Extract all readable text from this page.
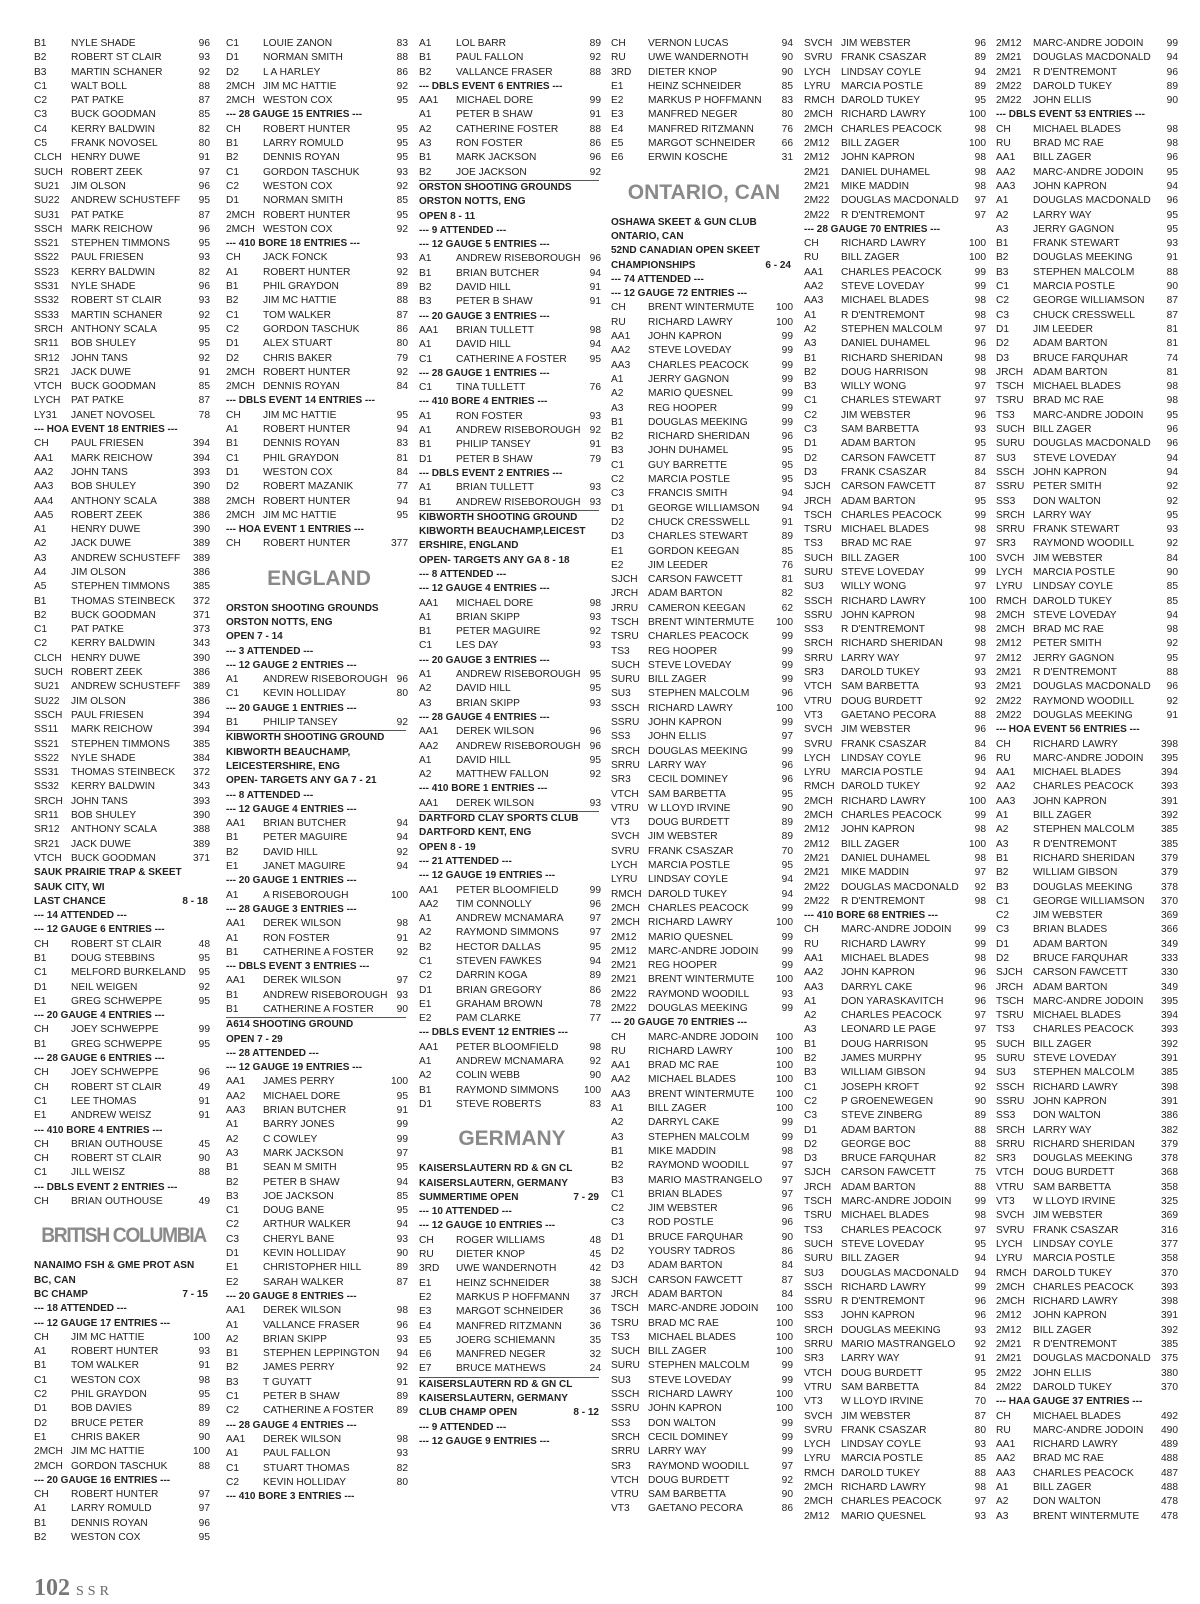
B1 NYLE SHADE	96
B2 ROBERT ST CLAIR	93
B3 MARTIN SCHANER	92
C1 WALT BOLL	88
C2 PAT PATKE	87
C3 BUCK GOODMAN	85
C4 KERRY BALDWIN	82
C5 FRANK NOVOSEL	80
CLCH HENRY DUWE	91
SUCH ROBERT ZEEK	97
SU21 JIM OLSON	96
SU22 ANDREW SCHUSTEFF 95
SU31 PAT PATKE	87
SSCH MARK REICHOW	96
SS21 STEPHEN TIMMONS	95
SS22 PAUL FRIESEN	93
SS23 KERRY BALDWIN	82
SS31 NYLE SHADE	96
SS32 ROBERT ST CLAIR	93
SS33 MARTIN SCHANER	92
SRCH ANTHONY SCALA	95
SR11 BOB SHULEY	95
SR12 JOHN TANS	92
SR21 JACK DUWE	91
VTCH BUCK GOODMAN	85
LYCH PAT PATKE	87
LY31 JANET NOVOSEL	78
--- HOA EVENT 18 ENTRIES ---
CH PAUL FRIESEN	394
AA1 MARK REICHOW	394
AA2 JOHN TANS	393
AA3 BOB SHULEY	390
AA4 ANTHONY SCALA	388
AA5 ROBERT ZEEK	386
A1 HENRY DUWE	390
A2 JACK DUWE	389
A3 ANDREW SCHUSTEFF 389
A4 JIM OLSON	386
A5 STEPHEN TIMMONS 385
B1 THOMAS STEINBECK 372
B2 BUCK GOODMAN	371
C1 PAT PATKE	373
C2 KERRY BALDWIN	343
CLCH HENRY DUWE	390
SUCH ROBERT ZEEK	386
SU21 ANDREW SCHUSTEFF 389
SU22 JIM OLSON	386
SSCH PAUL FRIESEN	394
SS11 MARK REICHOW	394
SS21 STEPHEN TIMMONS 385
SS22 NYLE SHADE	384
SS31 THOMAS STEINBECK 372
SS32 KERRY BALDWIN	343
SRCH JOHN TANS	393
SR11 BOB SHULEY	390
SR12 ANTHONY SCALA	388
SR21 JACK DUWE	389
VTCH BUCK GOODMAN	371
SAUK PRAIRIE TRAP & SKEET
SAUK CITY, WI
LAST CHANCE	8 - 18
--- 14 ATTENDED ---
--- 12 GAUGE 6 ENTRIES ---
CH ROBERT ST CLAIR	48
B1 DOUG STEBBINS	95
C1 MELFORD BURKELAND 95
D1 NEIL WEIGEN	92
E1 GREG SCHWEPPE	95
--- 20 GAUGE 4 ENTRIES ---
CH JOEY SCHWEPPE	99
B1 GREG SCHWEPPE	95
--- 28 GAUGE 6 ENTRIES ---
CH JOEY SCHWEPPE	96
CH ROBERT ST CLAIR	49
C1 LEE THOMAS	91
E1 ANDREW WEISZ	91
--- 410 BORE 4 ENTRIES ---
CH BRIAN OUTHOUSE	45
CH ROBERT ST CLAIR	90
C1 JILL WEISZ	88
--- DBLS EVENT 2 ENTRIES ---
CH BRIAN OUTHOUSE	49
BRITISH COLUMBIA
NANAIMO FSH & GME PROT ASN
BC, CAN
BC CHAMP	7 - 15
--- 18 ATTENDED ---
--- 12 GAUGE 17 ENTRIES ---
CH JIM MC HATTIE	100
A1 ROBERT HUNTER	93
B1 TOM WALKER	91
C1 WESTON COX	98
C2 PHIL GRAYDON	95
D1 BOB DAVIES	89
D2 BRUCE PETER	89
E1 CHRIS BAKER	90
2MCH JIM MC HATTIE	100
2MCH GORDON TASCHUK	88
--- 20 GAUGE 16 ENTRIES ---
CH ROBERT HUNTER	97
A1 LARRY ROMULD	97
B1 DENNIS ROYAN	96
B2 WESTON COX	95
C1 LOUIE ZANON	83
D1 NORMAN SMITH	88
D2 L A HARLEY	86
2MCH JIM MC HATTIE	92
2MCH WESTON COX	95
--- 28 GAUGE 15 ENTRIES ---
CH ROBERT HUNTER	95
B1 LARRY ROMULD	95
B2 DENNIS ROYAN	95
C1 GORDON TASCHUK	93
C2 WESTON COX	92
D1 NORMAN SMITH	85
2MCH ROBERT HUNTER	95
2MCH WESTON COX	92
--- 410 BORE 18 ENTRIES ---
CH JACK FONCK	93
A1 ROBERT HUNTER	92
B1 PHIL GRAYDON	89
B2 JIM MC HATTIE	88
C1 TOM WALKER	87
C2 GORDON TASCHUK	86
D1 ALEX STUART	80
D2 CHRIS BAKER	79
2MCH ROBERT HUNTER	92
2MCH DENNIS ROYAN	84
--- DBLS EVENT 14 ENTRIES ---
CH JIM MC HATTIE	95
A1 ROBERT HUNTER	94
B1 DENNIS ROYAN	83
C1 PHIL GRAYDON	81
D1 WESTON COX	84
D2 ROBERT MAZANIK	77
2MCH ROBERT HUNTER	94
2MCH JIM MC HATTIE	95
--- HOA EVENT 1 ENTRIES ---
CH ROBERT HUNTER	377
ENGLAND
ORSTON SHOOTING GROUNDS
ORSTON NOTTS, ENG
OPEN 7 - 14
--- 3 ATTENDED ---
--- 12 GAUGE 2 ENTRIES ---
A1 ANDREW RISEBOROUGH 96
C1 KEVIN HOLLIDAY	80
--- 20 GAUGE 1 ENTRIES ---
B1 PHILIP TANSEY	92
KIBWORTH SHOOTING GROUND
KIBWORTH BEAUCHAMP,
LEICESTERSHIRE, ENG
OPEN- TARGETS ANY GA 7 - 21
--- 8 ATTENDED ---
--- 12 GAUGE 4 ENTRIES ---
AA1 BRIAN BUTCHER	94
B1 PETER MAGUIRE	94
B2 DAVID HILL	92
E1 JANET MAGUIRE	94
--- 20 GAUGE 1 ENTRIES ---
A1 A RISEBOROUGH	100
--- 28 GAUGE 3 ENTRIES ---
AA1 DEREK WILSON	98
A1 RON FOSTER	91
B1 CATHERINE A FOSTER 92
--- DBLS EVENT 3 ENTRIES ---
AA1 DEREK WILSON	97
B1 ANDREW RISEBOROUGH 93
B1 CATHERINE A FOSTER 90
A614 SHOOTING GROUND
OPEN 7 - 29
--- 28 ATTENDED ---
--- 12 GAUGE 19 ENTRIES ---
AA1 JAMES PERRY	100
AA2 MICHAEL DORE	95
AA3 BRIAN BUTCHER	91
A1 BARRY JONES	99
A2 C COWLEY	99
A3 MARK JACKSON	97
B1 SEAN M SMITH	95
B2 PETER B SHAW	94
B3 JOE JACKSON	85
C1 DOUG BANE	95
C2 ARTHUR WALKER	94
C3 CHERYL BANE	93
D1 KEVIN HOLLIDAY	90
E1 CHRISTOPHER HILL	89
E2 SARAH WALKER	87
--- 20 GAUGE 8 ENTRIES ---
AA1 DEREK WILSON	98
A1 VALLANCE FRASER	96
A2 BRIAN SKIPP	93
B1 STEPHEN LEPPINGTON 94
B2 JAMES PERRY	92
B3 T GUYATT	91
C1 PETER B SHAW	89
C2 CATHERINE A FOSTER 89
--- 28 GAUGE 4 ENTRIES ---
AA1 DEREK WILSON	98
A1 PAUL FALLON	93
C1 STUART THOMAS	82
C2 KEVIN HOLLIDAY	80
--- 410 BORE 3 ENTRIES ---
A1 LOL BARR	89
B1 PAUL FALLON	92
B2 VALLANCE FRASER	88
--- DBLS EVENT 6 ENTRIES ---
AA1 MICHAEL DORE	99
A1 PETER B SHAW	91
A2 CATHERINE FOSTER	88
A3 RON FOSTER	86
B1 MARK JACKSON	96
B2 JOE JACKSON	92
ORSTON SHOOTING GROUNDS
ORSTON NOTTS, ENG
OPEN 8 - 11
--- 9 ATTENDED ---
--- 12 GAUGE 5 ENTRIES ---
A1 ANDREW RISEBOROUGH 96
B1 BRIAN BUTCHER	94
B2 DAVID HILL	91
B3 PETER B SHAW	91
--- 20 GAUGE 3 ENTRIES ---
AA1 BRIAN TULLETT	98
A1 DAVID HILL	94
C1 CATHERINE A FOSTER 95
--- 28 GAUGE 1 ENTRIES ---
C1 TINA TULLETT	76
--- 410 BORE 4 ENTRIES ---
A1 RON FOSTER	93
A1 ANDREW RISEBOROUGH 92
B1 PHILIP TANSEY	91
D1 PETER B SHAW	79
--- DBLS EVENT 2 ENTRIES ---
A1 BRIAN TULLETT	93
B1 ANDREW RISEBOROUGH 93
KIBWORTH SHOOTING GROUND
KIBWORTH BEAUCHAMP,LEICEST
ERSHIRE, ENGLAND
OPEN- TARGETS ANY GA 8 - 18
--- 8 ATTENDED ---
--- 12 GAUGE 4 ENTRIES ---
AA1 MICHAEL DORE	98
A1 BRIAN SKIPP	93
B1 PETER MAGUIRE	92
C1 LES DAY	93
--- 20 GAUGE 3 ENTRIES ---
A1 ANDREW RISEBOROUGH 95
A2 DAVID HILL	95
A3 BRIAN SKIPP	93
--- 28 GAUGE 4 ENTRIES ---
AA1 DEREK WILSON	96
AA2 ANDREW RISEBOROUGH 96
A1 DAVID HILL	95
A2 MATTHEW FALLON	92
--- 410 BORE 1 ENTRIES ---
AA1 DEREK WILSON	93
DARTFORD CLAY SPORTS CLUB
DARTFORD KENT, ENG
OPEN 8 - 19
--- 21 ATTENDED ---
--- 12 GAUGE 19 ENTRIES ---
AA1 PETER BLOOMFIELD	99
AA2 TIM CONNOLLY	96
A1 ANDREW MCNAMARA	97
A2 RAYMOND SIMMONS	97
B2 HECTOR DALLAS	95
C1 STEVEN FAWKES	94
C2 DARRIN KOGA	89
D1 BRIAN GREGORY	86
E1 GRAHAM BROWN	78
E2 PAM CLARKE	77
--- DBLS EVENT 12 ENTRIES ---
AA1 PETER BLOOMFIELD	98
A1 ANDREW MCNAMARA	92
A2 COLIN WEBB	90
B1 RAYMOND SIMMONS 100
D1 STEVE ROBERTS	83
GERMANY
KAISERSLAUTERN RD & GN CL
KAISERSLAUTERN, GERMANY
SUMMERTIME OPEN	7 - 29
--- 10 ATTENDED ---
--- 12 GAUGE 10 ENTRIES ---
CH ROGER WILLIAMS	48
RU DIETER KNOP	45
3RD UWE WANDERNOTH	42
E1 HEINZ SCHNEIDER	38
E2 MARKUS P HOFFMANN 37
E3 MARGOT SCHNEIDER	36
E4 MANFRED RITZMANN	36
E5 JOERG SCHIEMANN	35
E6 MANFRED NEGER	32
E7 BRUCE MATHEWS	24
KAISERSLAUTERN RD & GN CL
KAISERSLAUTERN, GERMANY
CLUB CHAMP OPEN	8 - 12
--- 9 ATTENDED ---
--- 12 GAUGE 9 ENTRIES ---
CH VERNON LUCAS	94
RU UWE WANDERNOTH	90
3RD DIETER KNOP	90
E1 HEINZ SCHNEIDER	85
E2 MARKUS P HOFFMANN 83
E3 MANFRED NEGER	80
E4 MANFRED RITZMANN	76
E5 MARGOT SCHNEIDER	66
E6 ERWIN KOSCHE	31
ONTARIO, CAN
OSHAWA SKEET & GUN CLUB
ONTARIO, CAN
52ND CANADIAN OPEN SKEET
CHAMPIONSHIPS	6 - 24
--- 74 ATTENDED ---
--- 12 GAUGE 72 ENTRIES ---
CH BRENT WINTERMUTE 100
RU RICHARD LAWRY	100
AA1 JOHN KAPRON	99
AA2 STEVE LOVEDAY	99
AA3 CHARLES PEACOCK	99
A1 JERRY GAGNON	99
A2 MARIO QUESNEL	99
A3 REG HOOPER	99
B1 DOUGLAS MEEKING	99
B2 RICHARD SHERIDAN	96
B3 JOHN DUHAMEL	95
C1 GUY BARRETTE	95
C2 MARCIA POSTLE	95
C3 FRANCIS SMITH	94
D1 GEORGE WILLIAMSON 94
D2 CHUCK CRESSWELL	91
D3 CHARLES STEWART	89
E1 GORDON KEEGAN	85
E2 JIM LEEDER	76
SJCH CARSON FAWCETT	81
JRCH ADAM BARTON	82
JRRU CAMERON KEEGAN	62
TSCH BRENT WINTERMUTE 100
TSRU CHARLES PEACOCK	99
TS3 REG HOOPER	99
SUCH STEVE LOVEDAY	99
SURU BILL ZAGER	99
SU3 STEPHEN MALCOLM	96
SSCH RICHARD LAWRY	100
SSRU JOHN KAPRON	99
SS3 JOHN ELLIS	97
SRCH DOUGLAS MEEKING	99
SRRU LARRY WAY	96
SR3 CECIL DOMINEY	96
VTCH SAM BARBETTA	95
VTRU W LLOYD IRVINE	90
VT3 DOUG BURDETT	89
SVCH JIM WEBSTER	89
SVRU FRANK CSASZAR	70
LYCH MARCIA POSTLE	95
LYRU LINDSAY COYLE	94
RMCH DAROLD TUKEY	94
2MCH CHARLES PEACOCK	99
2MCH RICHARD LAWRY	100
2M12 MARIO QUESNEL	99
2M12 MARC-ANDRE JODOIN 99
2M21 REG HOOPER	99
2M21 BRENT WINTERMUTE 100
2M22 RAYMOND WOODILL	93
2M22 DOUGLAS MEEKING	99
--- 20 GAUGE 70 ENTRIES ---
CH MARC-ANDRE JODOIN 100
RU RICHARD LAWRY	100
AA1 BRAD MC RAE	100
AA2 MICHAEL BLADES	100
AA3 BRENT WINTERMUTE 100
A1 BILL ZAGER	100
A2 DARRYL CAKE	99
A3 STEPHEN MALCOLM	99
B1 MIKE MADDIN	98
B2 RAYMOND WOODILL	97
B3 MARIO MASTRANGELO 97
C1 BRIAN BLADES	97
C2 JIM WEBSTER	96
C3 ROD POSTLE	96
D1 BRUCE FARQUHAR	90
D2 YOUSRY TADROS	86
D3 ADAM BARTON	84
SJCH CARSON FAWCETT	87
JRCH ADAM BARTON	84
TSCH MARC-ANDRE JODOIN 100
TSRU BRAD MC RAE	100
TS3 MICHAEL BLADES	100
SUCH BILL ZAGER	100
SURU STEPHEN MALCOLM	99
SU3 STEVE LOVEDAY	99
SSCH RICHARD LAWRY	100
SSRU JOHN KAPRON	100
SS3 DON WALTON	99
SRCH CECIL DOMINEY	99
SRRU LARRY WAY	99
SR3 RAYMOND WOODILL	97
VTCH DOUG BURDETT	92
VTRU SAM BARBETTA	90
VT3 GAETANO PECORA	86
SVCH JIM WEBSTER	96
SVRU FRANK CSASZAR	89
LYCH LINDSAY COYLE	94
LYRU MARCIA POSTLE	89
RMCH DAROLD TUKEY	95
2MCH RICHARD LAWRY	100
2MCH CHARLES PEACOCK	98
2M12 BILL ZAGER	100
2M12 JOHN KAPRON	98
2M21 DANIEL DUHAMEL	98
2M21 MIKE MADDIN	98
2M22 DOUGLAS MACDONALD 97
2M22 R D'ENTREMONT	97
--- 28 GAUGE 70 ENTRIES ---
CH RICHARD LAWRY	100
RU BILL ZAGER	100
AA1 CHARLES PEACOCK	99
AA2 STEVE LOVEDAY	99
AA3 MICHAEL BLADES	98
A1 R D'ENTREMONT	98
A2 STEPHEN MALCOLM	97
A3 DANIEL DUHAMEL	96
B1 RICHARD SHERIDAN	98
B2 DOUG HARRISON	98
B3 WILLY WONG	97
C1 CHARLES STEWART	97
C2 JIM WEBSTER	96
C3 SAM BARBETTA	93
D1 ADAM BARTON	95
D2 CARSON FAWCETT	87
D3 FRANK CSASZAR	84
SJCH CARSON FAWCETT	87
JRCH ADAM BARTON	95
TSCH CHARLES PEACOCK	99
TSRU MICHAEL BLADES	98
TS3 BRAD MC RAE	97
SUCH BILL ZAGER	100
SURU STEVE LOVEDAY	99
SU3 WILLY WONG	97
SSCH RICHARD LAWRY	100
SSRU JOHN KAPRON	98
SS3 R D'ENTREMONT	98
SRCH RICHARD SHERIDAN	98
SRRU LARRY WAY	97
SR3 DAROLD TUKEY	93
VTCH SAM BARBETTA	93
VTRU DOUG BURDETT	92
VT3 GAETANO PECORA	88
SVCH JIM WEBSTER	96
SVRU FRANK CSASZAR	84
LYCH LINDSAY COYLE	96
LYRU MARCIA POSTLE	94
RMCH DAROLD TUKEY	92
2MCH RICHARD LAWRY	100
2MCH CHARLES PEACOCK	99
2M12 JOHN KAPRON	98
2M12 BILL ZAGER	100
2M21 DANIEL DUHAMEL	98
2M21 MIKE MADDIN	97
2M22 DOUGLAS MACDONALD 92
2M22 R D'ENTREMONT	98
--- 410 BORE 68 ENTRIES ---
CH MARC-ANDRE JODOIN 99
RU RICHARD LAWRY	99
AA1 MICHAEL BLADES	98
AA2 JOHN KAPRON	96
AA3 DARRYL CAKE	96
A1 DON YARASKAVITCH	96
A2 CHARLES PEACOCK	97
A3 LEONARD LE PAGE	97
B1 DOUG HARRISON	95
B2 JAMES MURPHY	95
B3 WILLIAM GIBSON	94
C1 JOSEPH KROFT	92
C2 P GROENEWEGEN	90
C3 STEVE ZINBERG	89
D1 ADAM BARTON	88
D2 GEORGE BOC	88
D3 BRUCE FARQUHAR	82
SJCH CARSON FAWCETT	75
JRCH ADAM BARTON	88
TSCH MARC-ANDRE JODOIN 99
TSRU MICHAEL BLADES	98
TS3 CHARLES PEACOCK	97
SUCH STEVE LOVEDAY	95
SURU BILL ZAGER	94
SU3 DOUGLAS MACDONALD 94
SSCH RICHARD LAWRY	99
SSRU R D'ENTREMONT	96
SS3 JOHN KAPRON	96
SRCH DOUGLAS MEEKING	93
SRRU MARIO MASTRANGELO 92
SR3 LARRY WAY	91
VTCH DOUG BURDETT	95
VTRU SAM BARBETTA	84
VT3 W LLOYD IRVINE	70
SVCH JIM WEBSTER	87
SVRU FRANK CSASZAR	80
LYCH LINDSAY COYLE	93
LYRU MARCIA POSTLE	85
RMCH DAROLD TUKEY	88
2MCH RICHARD LAWRY	98
2MCH CHARLES PEACOCK	97
2M12 MARIO QUESNEL	93
2M12 MARC-ANDRE JODOIN 99
2M21 DOUGLAS MACDONALD 94
2M21 R D'ENTREMONT	96
2M22 DAROLD TUKEY	89
2M22 JOHN ELLIS	90
--- DBLS EVENT 53 ENTRIES ---
CH MICHAEL BLADES	98
RU BRAD MC RAE	98
AA1 BILL ZAGER	96
AA2 MARC-ANDRE JODOIN 95
AA3 JOHN KAPRON	94
A1 DOUGLAS MACDONALD 96
A2 LARRY WAY	95
A3 JERRY GAGNON	95
B1 FRANK STEWART	93
B2 DOUGLAS MEEKING	91
B3 STEPHEN MALCOLM	88
C1 MARCIA POSTLE	90
C2 GEORGE WILLIAMSON 87
C3 CHUCK CRESSWELL	87
D1 JIM LEEDER	81
D2 ADAM BARTON	81
D3 BRUCE FARQUHAR	74
JRCH ADAM BARTON	81
TSCH MICHAEL BLADES	98
TSRU BRAD MC RAE	98
TS3 MARC-ANDRE JODOIN 95
SUCH BILL ZAGER	96
SURU DOUGLAS MACDONALD 96
SU3 STEVE LOVEDAY	94
SSCH JOHN KAPRON	94
SSRU PETER SMITH	92
SS3 DON WALTON	92
SRCH LARRY WAY	95
SRRU FRANK STEWART	93
SR3 RAYMOND WOODILL	92
SVCH JIM WEBSTER	84
LYCH MARCIA POSTLE	90
LYRU LINDSAY COYLE	85
RMCH DAROLD TUKEY	85
2MCH STEVE LOVEDAY	94
2MCH BRAD MC RAE	98
2M12 PETER SMITH	92
2M12 JERRY GAGNON	95
2M21 R D'ENTREMONT	88
2M21 DOUGLAS MACDONALD 96
2M22 RAYMOND WOODILL	92
2M22 DOUGLAS MEEKING	91
--- HOA EVENT 56 ENTRIES ---
CH RICHARD LAWRY	398
RU MARC-ANDRE JODOIN 395
AA1 MICHAEL BLADES	394
AA2 CHARLES PEACOCK	393
AA3 JOHN KAPRON	391
A1 BILL ZAGER	392
A2 STEPHEN MALCOLM	385
A3 R D'ENTREMONT	385
B1 RICHARD SHERIDAN	379
B2 WILLIAM GIBSON	379
B3 DOUGLAS MEEKING	378
C1 GEORGE WILLIAMSON 370
C2 JIM WEBSTER	369
C3 BRIAN BLADES	366
D1 ADAM BARTON	349
D2 BRUCE FARQUHAR	333
SJCH CARSON FAWCETT	330
JRCH ADAM BARTON	349
TSCH MARC-ANDRE JODOIN 395
TSRU MICHAEL BLADES	394
TS3 CHARLES PEACOCK	393
SUCH BILL ZAGER	392
SURU STEVE LOVEDAY	391
SU3 STEPHEN MALCOLM	385
SSCH RICHARD LAWRY	398
SSRU JOHN KAPRON	391
SS3 DON WALTON	386
SRCH LARRY WAY	382
SRRU RICHARD SHERIDAN	379
SR3 DOUGLAS MEEKING	378
VTCH DOUG BURDETT	368
VTRU SAM BARBETTA	358
VT3 W LLOYD IRVINE	325
SVCH JIM WEBSTER	369
SVRU FRANK CSASZAR	316
LYCH LINDSAY COYLE	377
LYRU MARCIA POSTLE	358
RMCH DAROLD TUKEY	370
2MCH CHARLES PEACOCK	393
2MCH RICHARD LAWRY	398
2M12 JOHN KAPRON	391
2M12 BILL ZAGER	392
2M21 R D'ENTREMONT	385
2M21 DOUGLAS MACDONALD 375
2M22 JOHN ELLIS	380
2M22 DAROLD TUKEY	370
--- HAA GAUGE 37 ENTRIES ---
CH MICHAEL BLADES	492
RU MARC-ANDRE JODOIN 490
AA1 RICHARD LAWRY	489
AA2 BRAD MC RAE	488
AA3 CHARLES PEACOCK	487
A1 BILL ZAGER	488
A2 DON WALTON	478
A3 BRENT WINTERMUTE 478
102 SSR
